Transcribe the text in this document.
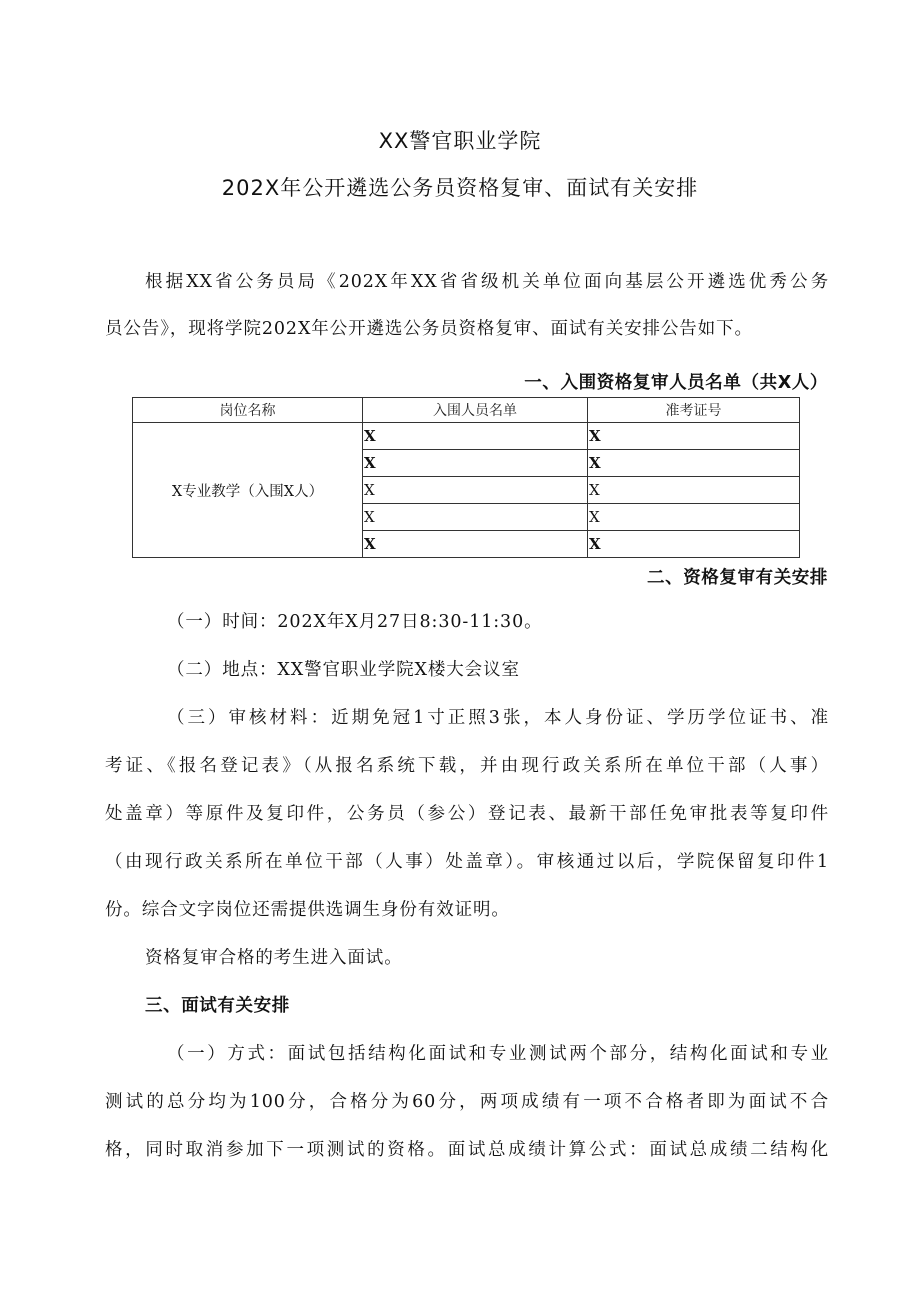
XX警官职业学院
202X年公开遴选公务员资格复审、面试有关安排

根据XX省公务员局《202X年XX省省级机关单位面向基层公开遴选优秀公务

员公告》，现将学院202X年公开遴选公务员资格复审、面试有关安排公告如下。

一、入围资格复审人员名单（共X人）

岗位名称	入围人员名单	准考证号
X专业教学（入围X人）	X	X
	X	X
	X	X
	X	X
	X	X

二、资格复审有关安排

（一）时间：202X年X月27日8:30-11:30。

（二）地点：XX警官职业学院X楼大会议室

（三）审核材料：近期免冠1寸正照3张，本人身份证、学历学位证书、准

考证、《报名登记表》（从报名系统下载，并由现行政关系所在单位干部（人事）

处盖章）等原件及复印件，公务员（参公）登记表、最新干部任免审批表等复印件

（由现行政关系所在单位干部（人事）处盖章）。审核通过以后，学院保留复印件1

份。综合文字岗位还需提供选调生身份有效证明。

资格复审合格的考生进入面试。

三、面试有关安排

（一）方式：面试包括结构化面试和专业测试两个部分，结构化面试和专业

测试的总分均为100分，合格分为60分，两项成绩有一项不合格者即为面试不合

格，同时取消参加下一项测试的资格。面试总成绩计算公式：面试总成绩二结构化
